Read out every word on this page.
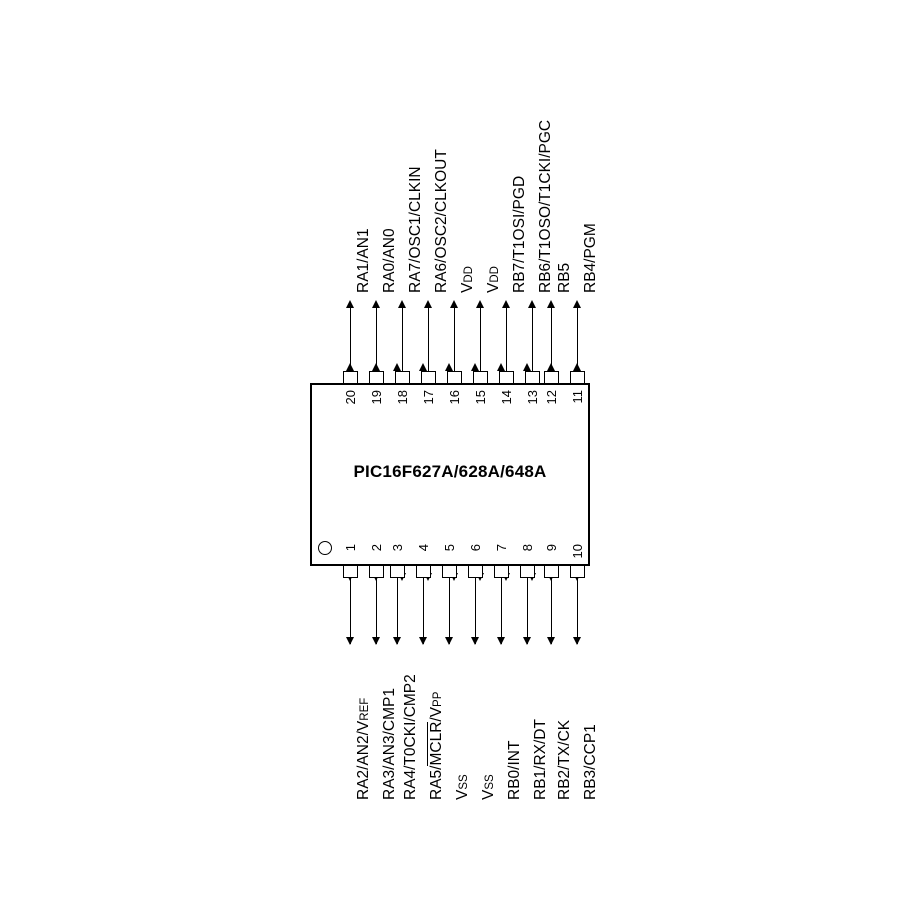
PIC16F627A/628A/648A
20
RA1/AN1
19
RA0/AN0
18
RA7/OSC1/CLKIN
17
RA6/OSC2/CLKOUT
16
VDD
15
VDD
14
RB7/T1OSI/PGD
13
RB6/T1OSO/T1CKI/PGC
12
RB5
11
RB4/PGM
1
RA2/AN2/VREF
2
RA3/AN3/CMP1
3
RA4/T0CKI/CMP2
4
RA5/MCLR/VPP
5
VSS
6
VSS
7
RB0/INT
8
RB1/RX/DT
9
RB2/TX/CK
10
RB3/CCP1
